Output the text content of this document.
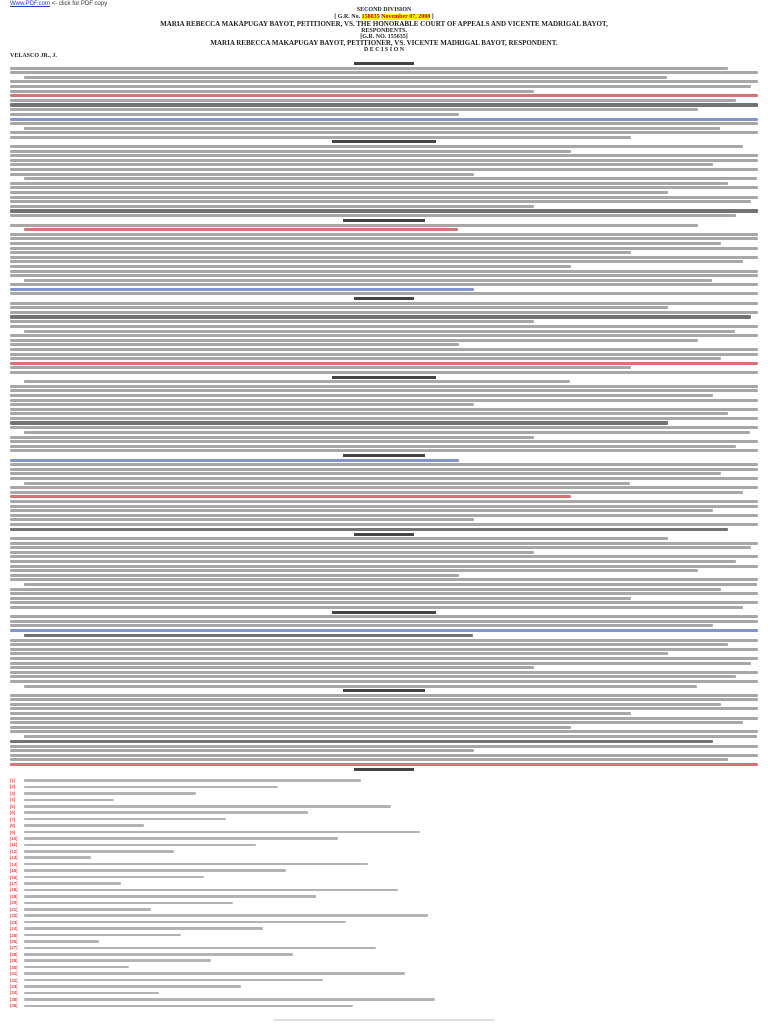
Www.PDF.com <- click for PDF copy
SECOND DIVISION
[ G.R. No. 158835 November 07, 2008 ]
MARIA REBECCA MAKAPUGAY BAYOT, PETITIONER, VS. THE HONORABLE COURT OF APPEALS AND VICENTE MADRIGAL BAYOT,
RESPONDENTS.
[G.R. NO. 155635]
MARIA REBECCA MAKAPUGAY BAYOT, PETITIONER, VS. VICENTE MADRIGAL BAYOT, RESPONDENT.
D E C I S I O N
VELASCO JR., J.
[1]
[2]
[3]
[4]
[5]
[6]
[7]
[8]
[9]
[10]
[11]
[12]
[13]
[14]
[15]
[16]
[17]
[18]
[19]
[20]
[21]
[22]
[23]
[24]
[25]
[26]
[27]
[28]
[29]
[30]
[31]
[32]
[33]
[34]
[35]
[36]
